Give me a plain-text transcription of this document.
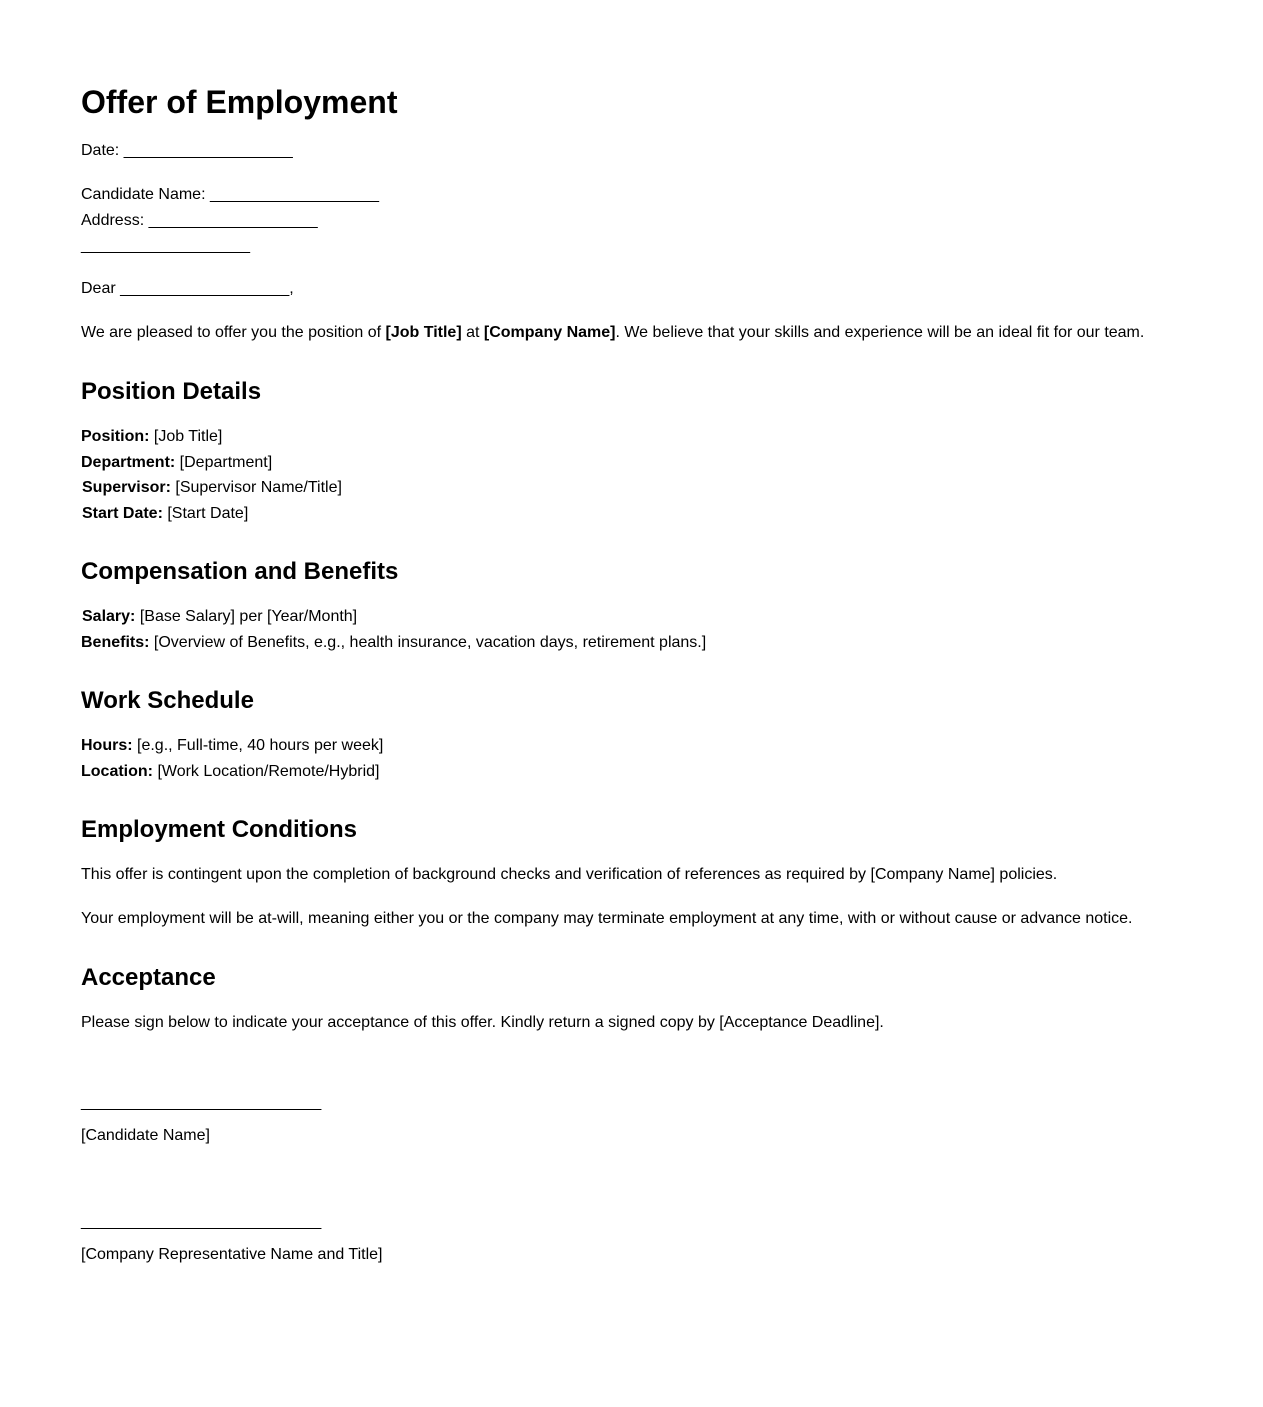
Offer of Employment
Date: ___________________
Candidate Name: ___________________
Address: ___________________
___________________
Dear ___________________,
We are pleased to offer you the position of [Job Title] at [Company Name]. We believe that your skills and experience will be an ideal fit for our team.
Position Details
Position: [Job Title]
Department: [Department]
Supervisor: [Supervisor Name/Title]
Start Date: [Start Date]
Compensation and Benefits
Salary: [Base Salary] per [Year/Month]
Benefits: [Overview of Benefits, e.g., health insurance, vacation days, retirement plans.]
Work Schedule
Hours: [e.g., Full-time, 40 hours per week]
Location: [Work Location/Remote/Hybrid]
Employment Conditions
This offer is contingent upon the completion of background checks and verification of references as required by [Company Name] policies.
Your employment will be at-will, meaning either you or the company may terminate employment at any time, with or without cause or advance notice.
Acceptance
Please sign below to indicate your acceptance of this offer. Kindly return a signed copy by [Acceptance Deadline].
___________________________
[Candidate Name]
___________________________
[Company Representative Name and Title]
